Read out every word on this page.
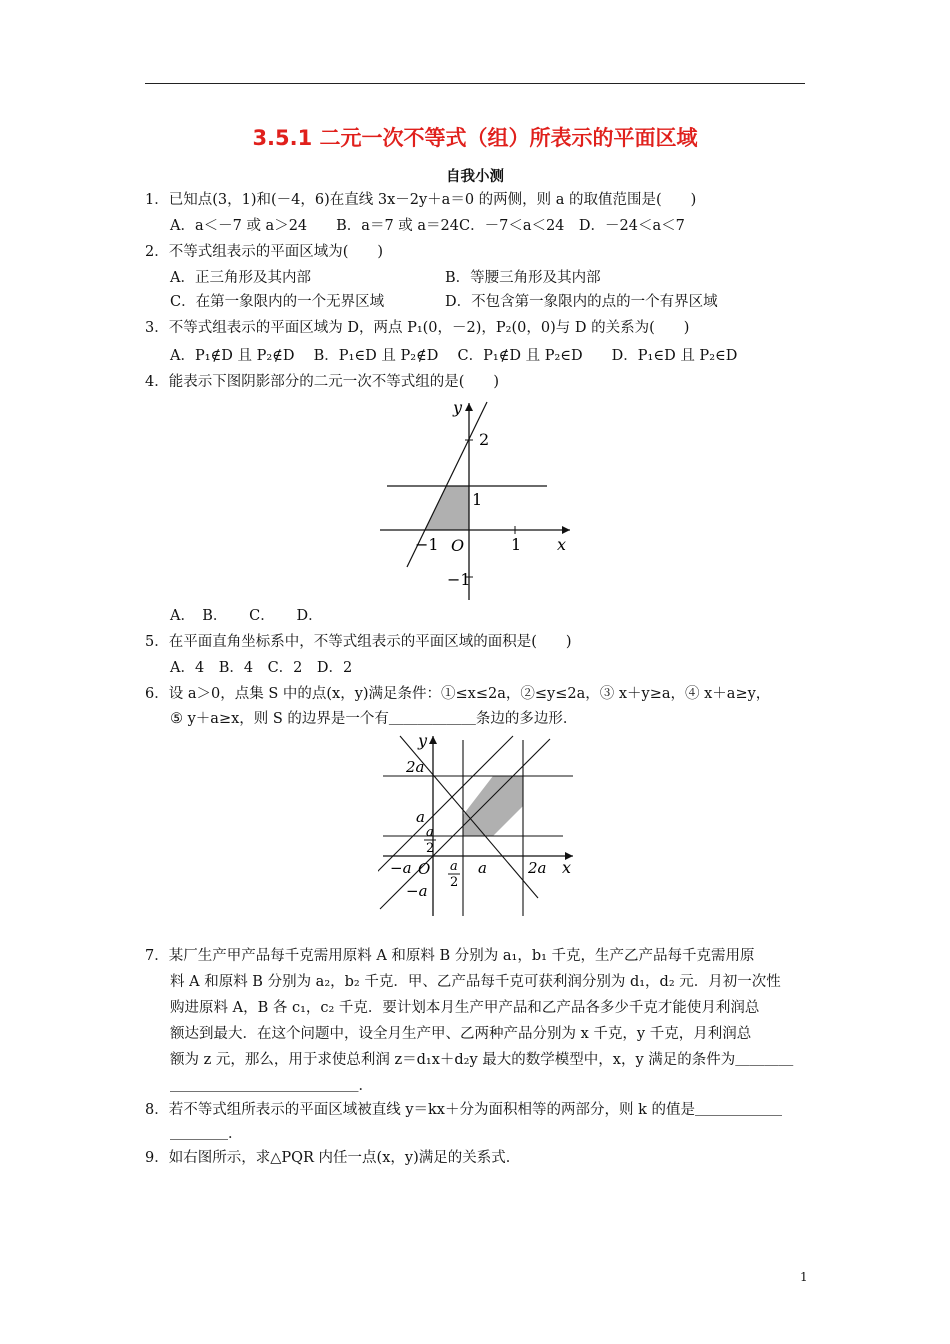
3.5.1 二元一次不等式（组）所表示的平面区域
自我小测
1．已知点(3，1)和(－4，6)在直线 3x－2y＋a＝0 的两侧，则 a 的取值范围是(　　)
A．a＜－7 或 a＞24　　B．a＝7 或 a＝24C．－7＜a＜24　D．－24＜a＜7
2．不等式组表示的平面区域为(　　)
A．正三角形及其内部	B．等腰三角形及其内部
C．在第一象限内的一个无界区域	D．不包含第一象限内的点的一个有界区域
3．不等式组表示的平面区域为 D，两点 P₁(0，－2)，P₂(0，0)与 D 的关系为(　　)
A．P₁∉D 且 P₂∉D　 B．P₁∈D 且 P₂∉D　 C．P₁∉D 且 P₂∈D　　D．P₁∈D 且 P₂∈D
4．能表示下图阴影部分的二元一次不等式组的是(　　)
y
2
1
−1 O	1 x
−1
A．　B．　　C．　　D．
5．在平面直角坐标系中，不等式组表示的平面区域的面积是(　　)
A．4　B．4　C．2　D．2
6．设 a＞0，点集 S 中的点(x，y)满足条件：①≤x≤2a，②≤y≤2a，③ x＋y≥a，④ x＋a≥y，
⑤ y＋a≥x，则 S 的边界是一个有＿＿＿＿＿＿条边的多边形．
y
2a
a
a
2
−a O a
2
a	2a x
−a
7．某厂生产甲产品每千克需用原料 A 和原料 B 分别为 a₁，b₁ 千克，生产乙产品每千克需用原
料 A 和原料 B 分别为 a₂，b₂ 千克．甲、乙产品每千克可获利润分别为 d₁，d₂ 元．月初一次性
购进原料 A，B 各 c₁，c₂ 千克．要计划本月生产甲产品和乙产品各多少千克才能使月利润总
额达到最大．在这个问题中，设全月生产甲、乙两种产品分别为 x 千克，y 千克，月利润总
额为 z 元，那么，用于求使总利润 z＝d₁x＋d₂y 最大的数学模型中，x，y 满足的条件为＿＿＿＿
＿＿＿＿＿＿＿＿＿＿＿＿＿．
8．若不等式组所表示的平面区域被直线 y＝kx＋分为面积相等的两部分，则 k 的值是＿＿＿＿＿＿
＿＿＿＿．
9．如右图所示，求△PQR 内任一点(x，y)满足的关系式．
1
